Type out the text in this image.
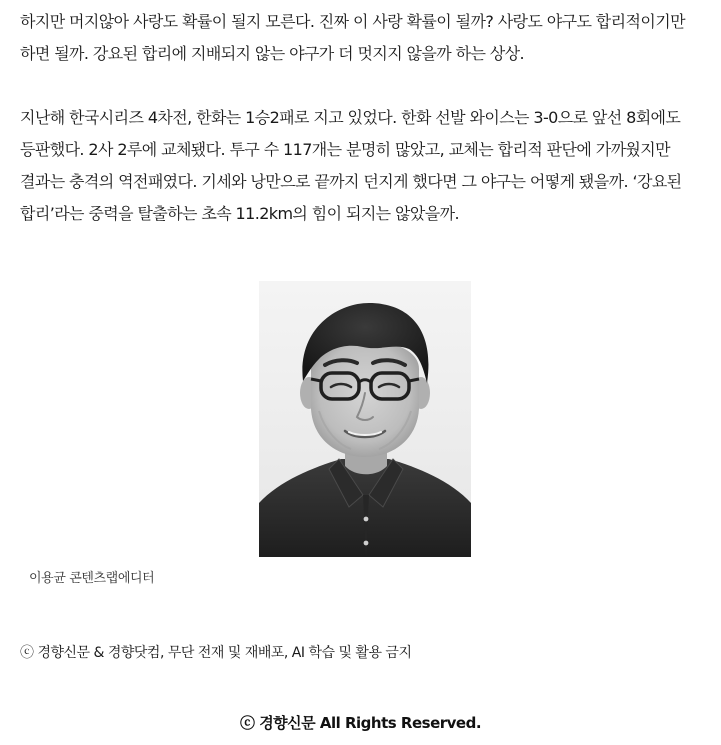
하지만 머지않아 사랑도 확률이 될지 모른다. 진짜 이 사랑 확률이 될까? 사랑도 야구도 합리적이기만 하면 될까. 강요된 합리에 지배되지 않는 야구가 더 멋지지 않을까 하는 상상.

지난해 한국시리즈 4차전, 한화는 1승2패로 지고 있었다. 한화 선발 와이스는 3-0으로 앞선 8회에도 등판했다. 2사 2루에 교체됐다. 투구 수 117개는 분명히 많았고, 교체는 합리적 판단에 가까웠지만 결과는 충격의 역전패였다. 기세와 낭만으로 끝까지 던지게 했다면 그 야구는 어떻게 됐을까. ‘강요된 합리’라는 중력을 탈출하는 초속 11.2km의 힘이 되지는 않았을까.

이용균 콘텐츠랩에디터
ⓒ 경향신문 & 경향닷컴, 무단 전재 및 재배포, AI 학습 및 활용 금지
ⓒ 경향신문 All Rights Reserved.
